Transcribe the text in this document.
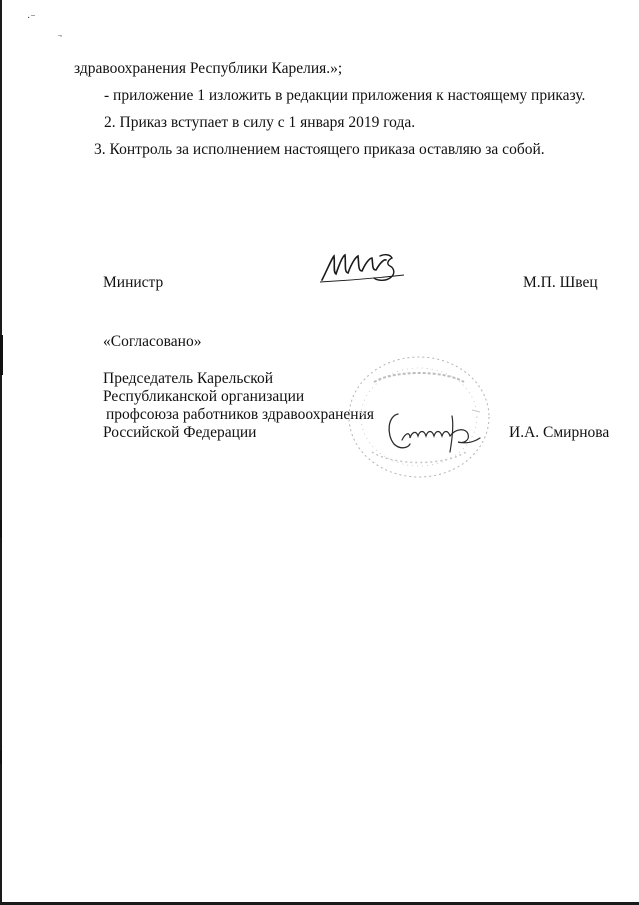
·⁻
.,
здравоохранения Республики Карелия.»;
- приложение 1 изложить в редакции приложения к настоящему приказу.
2. Приказ вступает в силу с 1 января 2019 года.
3. Контроль за исполнением настоящего приказа оставляю за собой.
Министр	М.П. Швец
«Согласовано»
Председатель Карельской
Республиканской организации
профсоюза работников здравоохранения
Российской Федерации	И.А. Смирнова
